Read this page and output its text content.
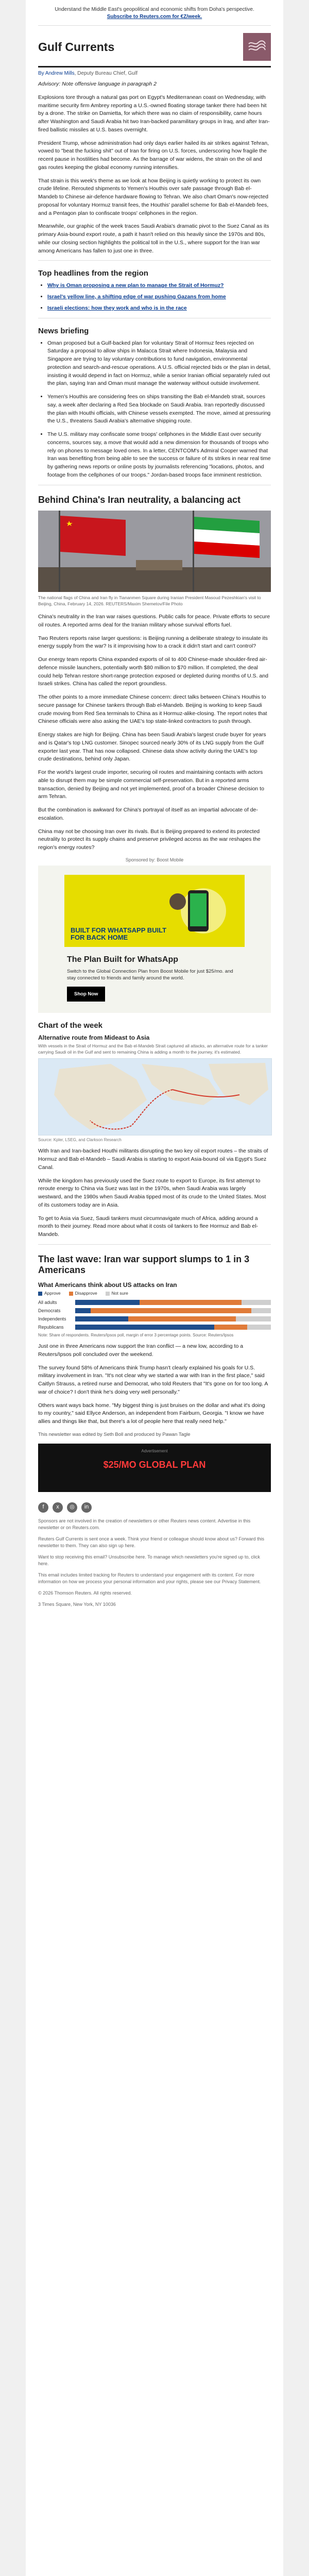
Understand the Middle East's geopolitical and economic shifts from Doha's perspective. Subscribe to Reuters.com for €Z/week.
Gulf Currents
By Andrew Mills, Deputy Bureau Chief, Gulf

Advisory: Note offensive language in paragraph 2

Explosions tore through a natural gas port on Egypt's Mediterranean coast on Wednesday, with maritime security firm Ambrey reporting a U.S.-owned floating storage tanker there had been hit by a drone. The strike on Damietta, for which there was no claim of responsibility, came hours after Washington and Saudi Arabia hit two Iran-backed paramilitary groups in Iraq, and after Iran-fired ballistic missiles at U.S. bases overnight.

President Trump, whose administration had only days earlier hailed its air strikes against Tehran, vowed to "beat the fucking shit" out of Iran for firing on U.S. forces, underscoring how fragile the recent pause in hostilities had become. As the barrage of war widens, the strain on the oil and gas routes keeping the global economy running intensifies.

That strain is this week's theme as we look at how Beijing is quietly working to protect its own crude lifeline. Rerouted shipments to Yemen's Houthis over safe passage through Bab el-Mandeb to Chinese air-defence hardware flowing to Tehran. We also chart Oman's now-rejected proposal for voluntary Hormuz transit fees, the Houthis' parallel scheme for Bab el-Mandeb fees, and a Pentagon plan to confiscate troops' cellphones in the region.

Meanwhile, our graphic of the week traces Saudi Arabia's dramatic pivot to the Suez Canal as its primary Asia-bound export route, a path it hasn't relied on this heavily since the 1970s and 80s, while our closing section highlights the political toll in the U.S., where support for the Iran war among Americans has fallen to just one in three.

Top headlines from the region
• Why is Oman proposing a new plan to manage the Strait of Hormuz?
• Israel's yellow line, a shifting edge of war pushing Gazans from home
• Israeli elections: how they work and who is in the race
News briefing
• Oman proposed but a Gulf-backed plan for voluntary Strait of Hormuz fees rejected on Saturday a proposal to allow ships in Malacca Strait where Indonesia, Malaysia and Singapore are trying to lay voluntary contributions to fund navigation, environmental protection and search-and-rescue operations. A U.S. official rejected bids or the plan in detail, insisting it would depend in fact on Hormuz, while a senior Iranian official separately ruled out the plan, saying Iran and Oman must manage the waterway without outside involvement.
• Yemen's Houthis are considering fees on ships transiting the Bab el-Mandeb strait, sources say, a week after declaring a Red Sea blockade on Saudi Arabia. Iran reportedly discussed the plan with Houthi officials, with Chinese vessels exempted. The move, aimed at pressuring the U.S., threatens Saudi Arabia's alternative shipping route.
• The U.S. military may confiscate some troops' cellphones in the Middle East over security concerns, sources say, a move that would add a new dimension for thousands of troops who rely on phones to message loved ones. In a letter, CENTCOM's Admiral Cooper warned that Iran was benefiting from being able to see the success or failure of its strikes in near real time by gathering news reports or online posts by journalists referencing "locations, photos, and footage from the cellphones of our troops." Jordan-based troops face imminent restriction.
Behind China's Iran neutrality, a balancing act
The national flags of China and Iran fly in Tiananmen Square during Iranian President Masoud Pezeshkian's visit to Beijing, China, February 14, 2026. REUTERS/Maxim Shemetov/File Photo

China's neutrality in the Iran war raises questions. Public calls for peace. Private efforts to secure oil routes. A reported arms deal for the Iranian military whose survival efforts fuel.

Two Reuters reports raise larger questions: is Beijing running a deliberate strategy to insulate its energy supply from the war? Is it improvising how to a crack it didn't start and can't control?

Our energy team reports China expanded exports of oil to 400 Chinese-made shoulder-fired air-defence missile launchers, potentially worth $80 million to $70 million. If completed, the deal could help Tehran restore short-range protection exposed or depleted during months of U.S. and Israeli strikes. China has called the report groundless.

The other points to a more immediate Chinese concern: direct talks between China's Houthis to secure passage for Chinese tankers through Bab el-Mandeb. Beijing is working to keep Saudi crude moving from Red Sea terminals to China as it Hormuz-alike-closing. The report notes that Chinese officials were also asking the UAE's top state-linked contractors to push through.

Energy stakes are high for Beijing. China has been Saudi Arabia's largest crude buyer for years and is Qatar's top LNG customer. Sinopec sourced nearly 30% of its LNG supply from the Gulf exporter last year. That has now collapsed. Chinese data show activity during the UAE's top crude destinations, behind only Japan.

For the world's largest crude importer, securing oil routes and maintaining contacts with actors able to disrupt them may be simple commercial self-preservation. But in a reported arms transaction, denied by Beijing and not yet implemented, proof of a broader Chinese decision to arm Tehran.

But the combination is awkward for China's portrayal of itself as an impartial advocate of de-escalation.

China may not be choosing Iran over its rivals. But is Beijing prepared to extend its protected neutrality to protect its supply chains and preserve privileged access as the war reshapes the region's energy routes?

Sponsored by: Boost Mobile
BUILT FOR WHATSAPP BUILT FOR BACK HOME
The Plan Built for WhatsApp
Switch to the Global Connection Plan from Boost Mobile for just $25/mo. and stay connected to friends and family around the world.
Shop Now
Chart of the week
Alternative route from Mideast to Asia
With vessels in the Strait of Hormuz and the Bab el-Mandeb Strait captured all attacks, an alternative route for a tanker carrying Saudi oil in the Gulf and sent to remaining China is adding a month to the journey, it's estimated.
Source: Kpler, LSEG, and Clarkson Research

With Iran and Iran-backed Houthi militants disrupting the two key oil export routes – the straits of Hormuz and Bab el-Mandeb – Saudi Arabia is starting to export Asia-bound oil via Egypt's Suez Canal.

While the kingdom has previously used the Suez route to export to Europe, its first attempt to reroute energy to China via Suez was last in the 1970s, when Saudi Arabia was largely westward, and the 1980s when Saudi Arabia tipped most of its crude to the United States. Most of its customers today are in Asia.

To get to Asia via Suez, Saudi tankers must circumnavigate much of Africa, adding around a month to their journey. Read more about what it costs oil tankers to flee Hormuz and Bab el-Mandeb.

The last wave: Iran war support slumps to 1 in 3 Americans
What Americans think about US attacks on Iran
Approve	Disapprove	Not sure
All adults
Democrats
Independents
Republicans
Note: Share of respondents. Reuters/Ipsos poll, margin of error 3 percentage points. Source: Reuters/Ipsos

Just one in three Americans now support the Iran conflict — a new low, according to a Reuters/Ipsos poll concluded over the weekend.

The survey found 58% of Americans think Trump hasn't clearly explained his goals for U.S. military involvement in Iran. "It's not clear why we started a war with Iran in the first place," said Caitlyn Strauss, a retired nurse and Democrat, who told Reuters that "It's gone on for too long. A war of choice? I don't think he's doing very well personally."

Others want ways back home. "My biggest thing is just bruises on the dollar and what it's doing to my country," said Ellyce Anderson, an independent from Fairburn, Georgia. "I know we have allies and things like that, but there's a lot of people here that really need help."

This newsletter was edited by Seth Boll and produced by Pawan Tagle

Advertisement
$25/MO GLOBAL PLAN
f	x	◎	in

Sponsors are not involved in the creation of newsletters or other Reuters news content. Advertise in this newsletter or on Reuters.com.

Reuters Gulf Currents is sent once a week. Think your friend or colleague should know about us? Forward this newsletter to them. They can also sign up here.

Want to stop receiving this email? Unsubscribe here. To manage which newsletters you're signed up to, click here.

This email includes limited tracking for Reuters to understand your engagement with its content. For more information on how we process your personal information and your rights, please see our Privacy Statement.

© 2026 Thomson Reuters. All rights reserved.

3 Times Square, New York, NY 10036
